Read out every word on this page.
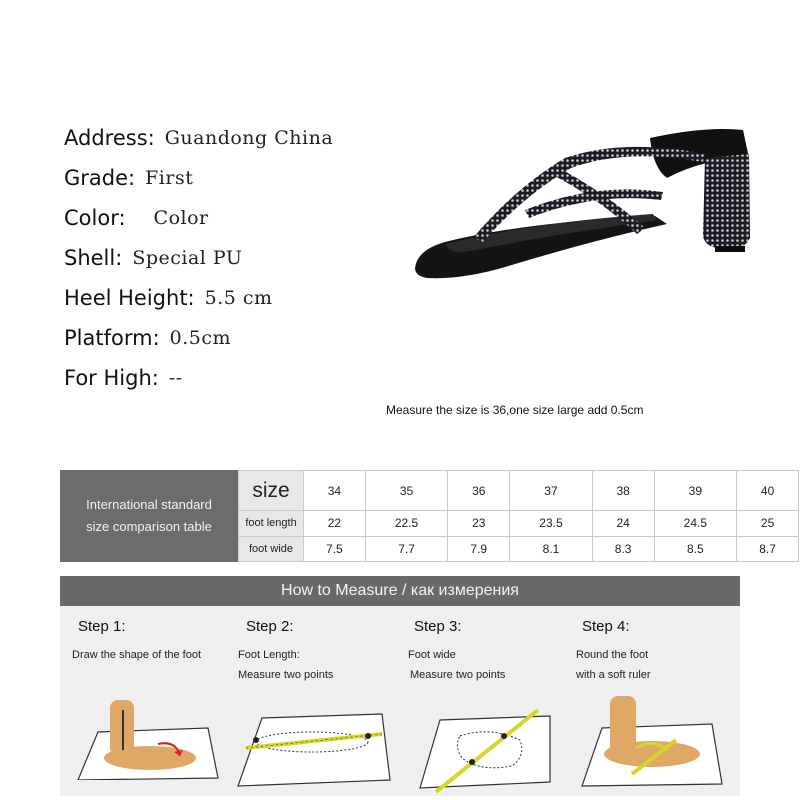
Address: Guandong China
Grade: First
Color: Color
Shell: Special PU
Heel Height: 5.5 cm
Platform: 0.5cm
For High: --
Measure the size is 36,one size large add 0.5cm
International standard
size comparison table
size	34	35	36	37	38	39	40
foot length	22	22.5	23	23.5	24	24.5	25
foot wide	7.5	7.7	7.9	8.1	8.3	8.5	8.7
How to Measure / как измерения
Step 1:
Draw the shape of the foot
Step 2:
Foot Length:
Measure two points
Step 3:
Foot wide
Measure two points
Step 4:
Round the foot
with a soft ruler
